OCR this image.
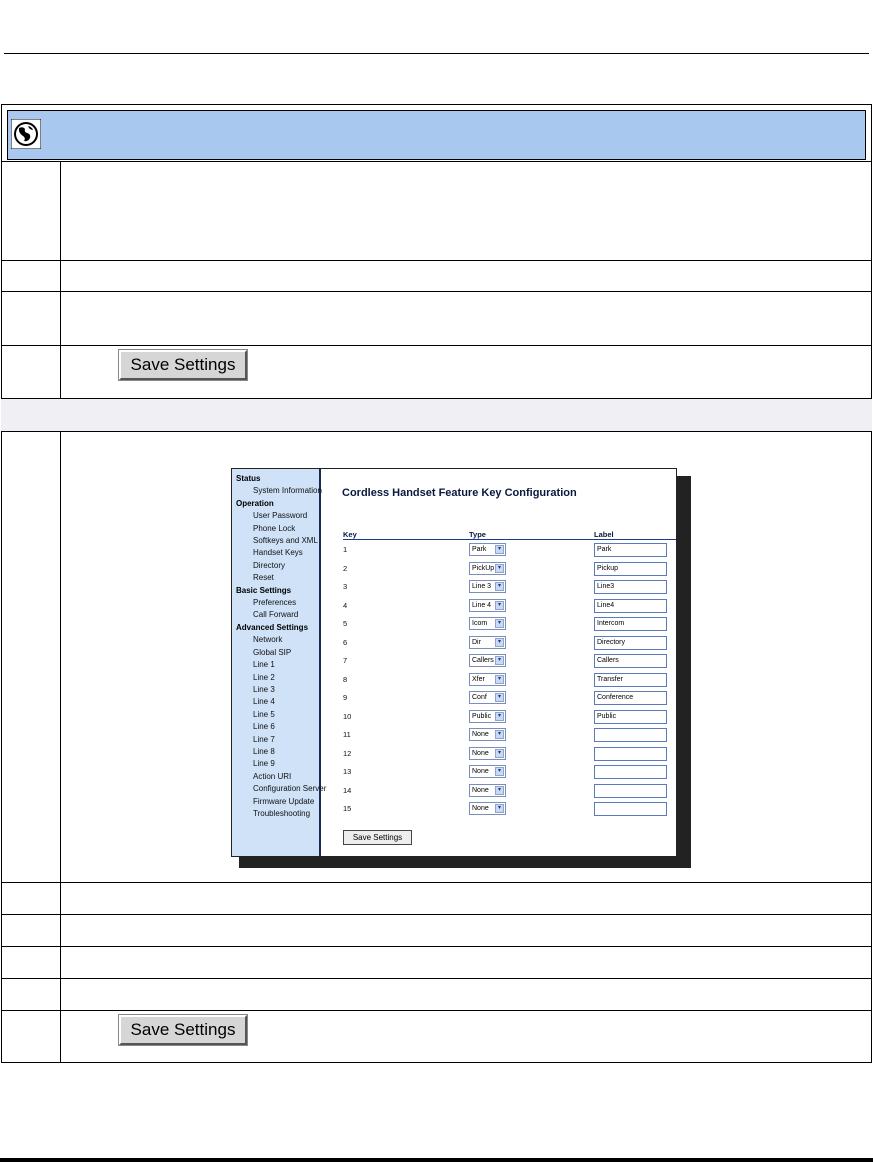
Save Settings
Save Settings
Status
System Information
Operation
User Password
Phone Lock
Softkeys and XML
Handset Keys
Directory
Reset
Basic Settings
Preferences
Call Forward
Advanced Settings
Network
Global SIP
Line 1
Line 2
Line 3
Line 4
Line 5
Line 6
Line 7
Line 8
Line 9
Action URI
Configuration Server
Firmware Update
Troubleshooting
Cordless Handset Feature Key Configuration
Key	Type	Label
1	Park	▾	Park
2	PickUp ▾	Pickup
3	Line 3	▾	Line3
4	Line 4	▾	Line4
5	Icom	▾	Intercom
6	Dir	▾	Directory
7	Callers ▾	Callers
8	Xfer	▾	Transfer
9	Conf	▾	Conference
10	Public	▾	Public
11	None	▾
12	None	▾
13	None	▾
14	None	▾
15	None	▾
Save Settings
